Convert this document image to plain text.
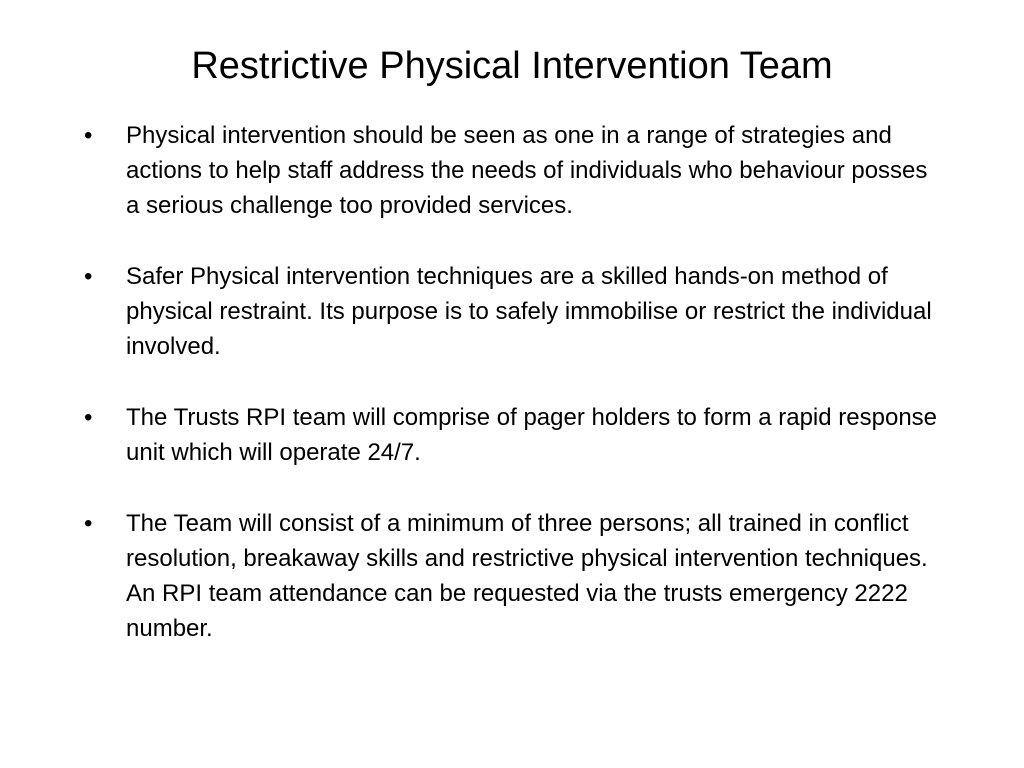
Restrictive Physical Intervention Team
•	Physical intervention should be seen as one in a range of strategies and actions to help staff address the needs of individuals who behaviour posses a serious challenge too provided services.
•	Safer Physical intervention techniques are a skilled hands-on method of physical restraint. Its purpose is to safely immobilise or restrict the individual involved.
•	The Trusts RPI team will comprise of pager holders to form a rapid response unit which will operate 24/7.
•	The Team will consist of a minimum of three persons; all trained in conflict resolution, breakaway skills and restrictive physical intervention techniques. An RPI team attendance can be requested via the trusts emergency 2222 number.
